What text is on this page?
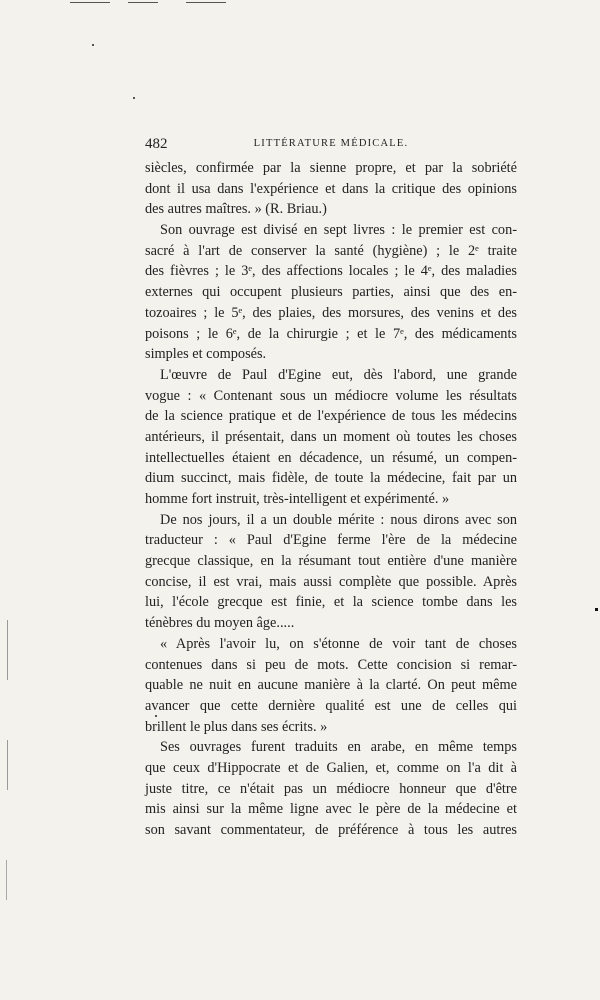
482	LITTÉRATURE MÉDICALE.
siècles, confirmée par la sienne propre, et par la sobriété
dont il usa dans l'expérience et dans la critique des opinions
des autres maîtres. » (R. Briau.)
Son ouvrage est divisé en sept livres : le premier est con-
sacré à l'art de conserver la santé (hygiène) ; le 2ᵉ traite
des fièvres ; le 3ᵉ, des affections locales ; le 4ᵉ, des maladies
externes qui occupent plusieurs parties, ainsi que des en-
tozoaires ; le 5ᵉ, des plaies, des morsures, des venins et des
poisons ; le 6ᵉ, de la chirurgie ; et le 7ᵉ, des médicaments
simples et composés.
L'œuvre de Paul d'Egine eut, dès l'abord, une grande
vogue : « Contenant sous un médiocre volume les résultats
de la science pratique et de l'expérience de tous les médecins
antérieurs, il présentait, dans un moment où toutes les choses
intellectuelles étaient en décadence, un résumé, un compen-
dium succinct, mais fidèle, de toute la médecine, fait par un
homme fort instruit, très-intelligent et expérimenté. »
De nos jours, il a un double mérite : nous dirons avec son
traducteur : « Paul d'Egine ferme l'ère de la médecine
grecque classique, en la résumant tout entière d'une manière
concise, il est vrai, mais aussi complète que possible. Après
lui, l'école grecque est finie, et la science tombe dans les
ténèbres du moyen âge.....
« Après l'avoir lu, on s'étonne de voir tant de choses
contenues dans si peu de mots. Cette concision si remar-
quable ne nuit en aucune manière à la clarté. On peut même
avancer que cette dernière qualité est une de celles qui
brillent le plus dans ses écrits. »
Ses ouvrages furent traduits en arabe, en même temps
que ceux d'Hippocrate et de Galien, et, comme on l'a dit à
juste titre, ce n'était pas un médiocre honneur que d'être
mis ainsi sur la même ligne avec le père de la médecine et
son savant commentateur, de préférence à tous les autres
